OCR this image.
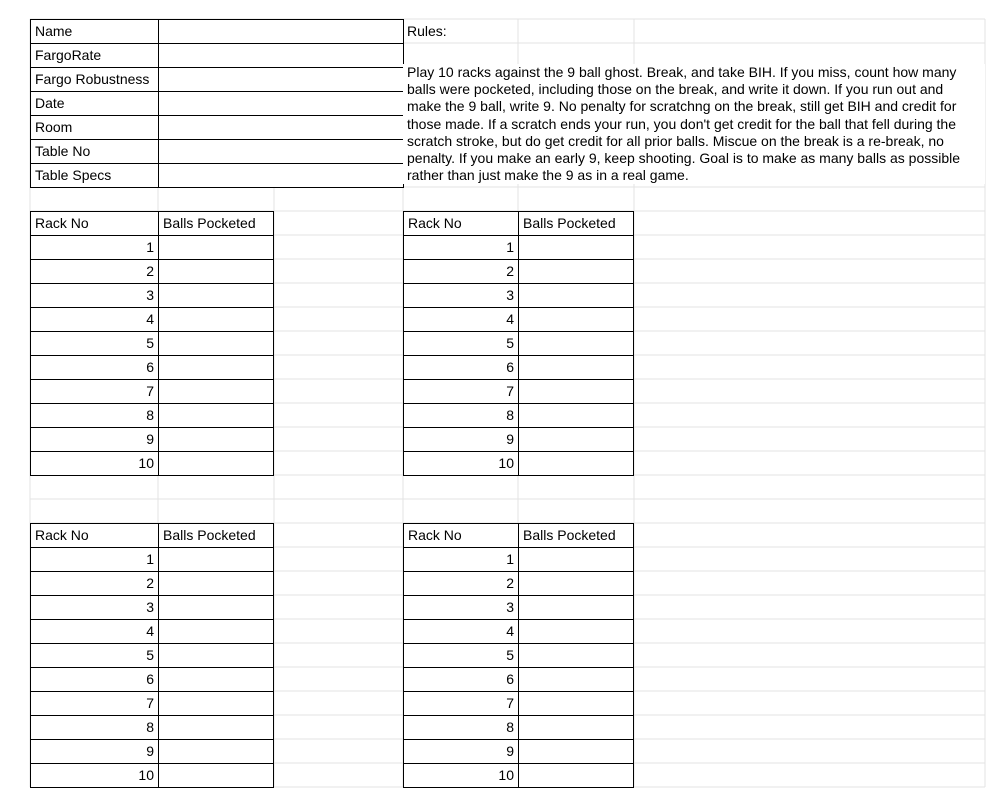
Name
FargoRate
Fargo Robustness
Date
Room
Table No
Table Specs
Rules:
Play 10 racks against the 9 ball ghost. Break, and take BIH. If you miss, count how many balls were pocketed, including those on the break, and write it down. If you run out and make the 9 ball, write 9. No penalty for scratchng on the break, still get BIH and credit for those made. If a scratch ends your run, you don't get credit for the ball that fell during the scratch stroke, but do get credit for all prior balls. Miscue on the break is a re-break, no penalty. If you make an early 9, keep shooting. Goal is to make as many balls as possible rather than just make the 9 as in a real game.
Rack No	Balls Pocketed
1
2
3
4
5
6
7
8
9
10
Rack No	Balls Pocketed
1
2
3
4
5
6
7
8
9
10
Rack No	Balls Pocketed
1
2
3
4
5
6
7
8
9
10
Rack No	Balls Pocketed
1
2
3
4
5
6
7
8
9
10
